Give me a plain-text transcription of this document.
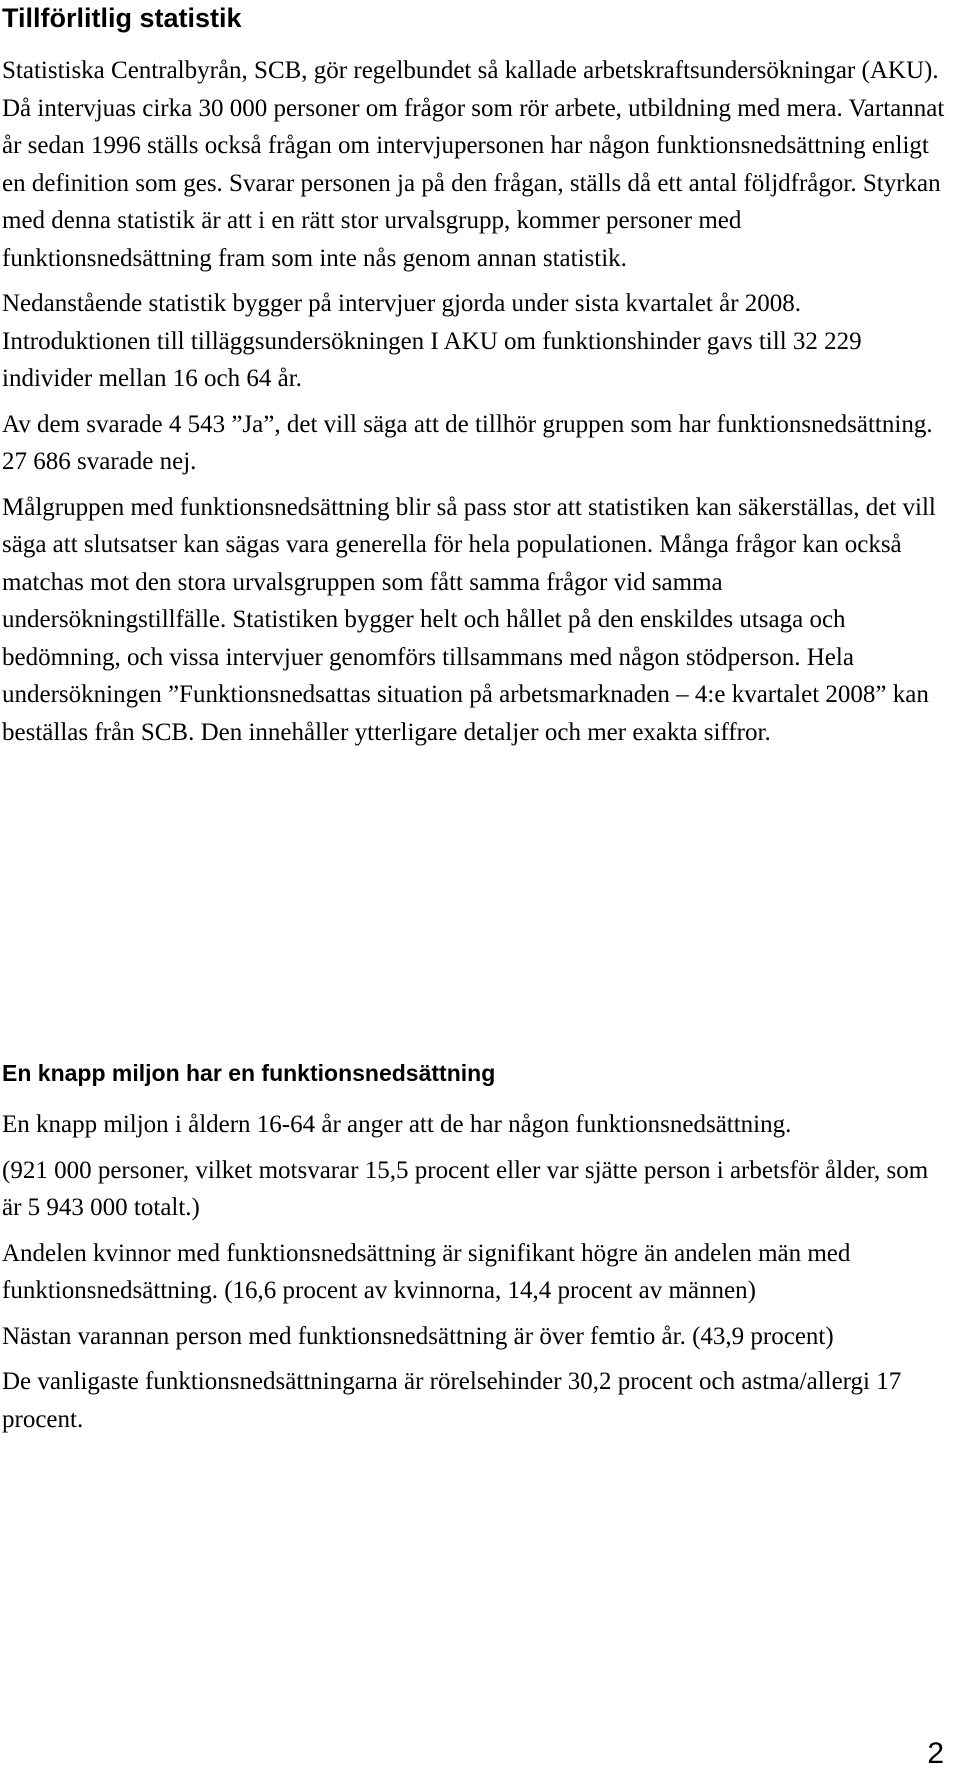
Tillförlitlig statistik

Statistiska Centralbyrån, SCB, gör regelbundet så kallade arbetskraftsundersökningar (AKU). Då intervjuas cirka 30 000 personer om frågor som rör arbete, utbildning med mera. Vartannat år sedan 1996 ställs också frågan om intervjupersonen har någon funktionsnedsättning enligt en definition som ges. Svarar personen ja på den frågan, ställs då ett antal följdfrågor. Styrkan med denna statistik är att i en rätt stor urvalsgrupp, kommer personer med funktionsnedsättning fram som inte nås genom annan statistik.

Nedanstående statistik bygger på intervjuer gjorda under sista kvartalet år 2008. Introduktionen till tilläggsundersökningen I AKU om funktionshinder gavs till 32 229 individer mellan 16 och 64 år.

Av dem svarade 4 543 ”Ja”, det vill säga att de tillhör gruppen som har funktionsnedsättning. 27 686 svarade nej.

Målgruppen med funktionsnedsättning blir så pass stor att statistiken kan säkerställas, det vill säga att slutsatser kan sägas vara generella för hela populationen. Många frågor kan också matchas mot den stora urvalsgruppen som fått samma frågor vid samma undersökningstillfälle. Statistiken bygger helt och hållet på den enskildes utsaga och bedömning, och vissa intervjuer genomförs tillsammans med någon stödperson. Hela undersökningen ”Funktionsnedsattas situation på arbetsmarknaden – 4:e kvartalet 2008” kan beställas från SCB. Den innehåller ytterligare detaljer och mer exakta siffror.

En knapp miljon har en funktionsnedsättning

En knapp miljon i åldern 16-64 år anger att de har någon funktionsnedsättning.

(921 000 personer, vilket motsvarar 15,5 procent eller var sjätte person i arbetsför ålder, som är 5 943 000 totalt.)

Andelen kvinnor med funktionsnedsättning är signifikant högre än andelen män med funktionsnedsättning. (16,6 procent av kvinnorna, 14,4 procent av männen)

Nästan varannan person med funktionsnedsättning är över femtio år. (43,9 procent)

De vanligaste funktionsnedsättningarna är rörelsehinder 30,2 procent och astma/allergi 17 procent.

2
